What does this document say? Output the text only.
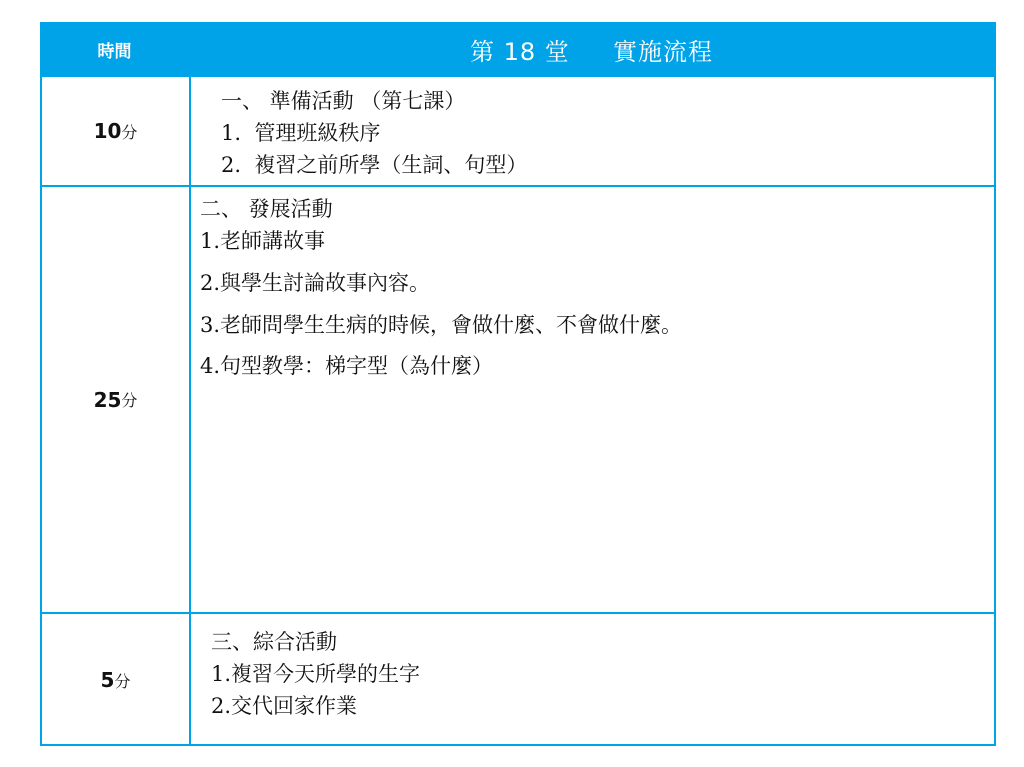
時間	第 18 堂     實施流程
10 分
一、 準備活動 （第七課）
1.  管理班級秩序
2.  複習之前所學（生詞、句型）
25 分
二、 發展活動
1.老師講故事
2.與學生討論故事內容。
3.老師問學生生病的時候，會做什麼、不會做什麼。
4.句型教學：梯字型（為什麼）
5 分
三、綜合活動
1.複習今天所學的生字
2.交代回家作業
